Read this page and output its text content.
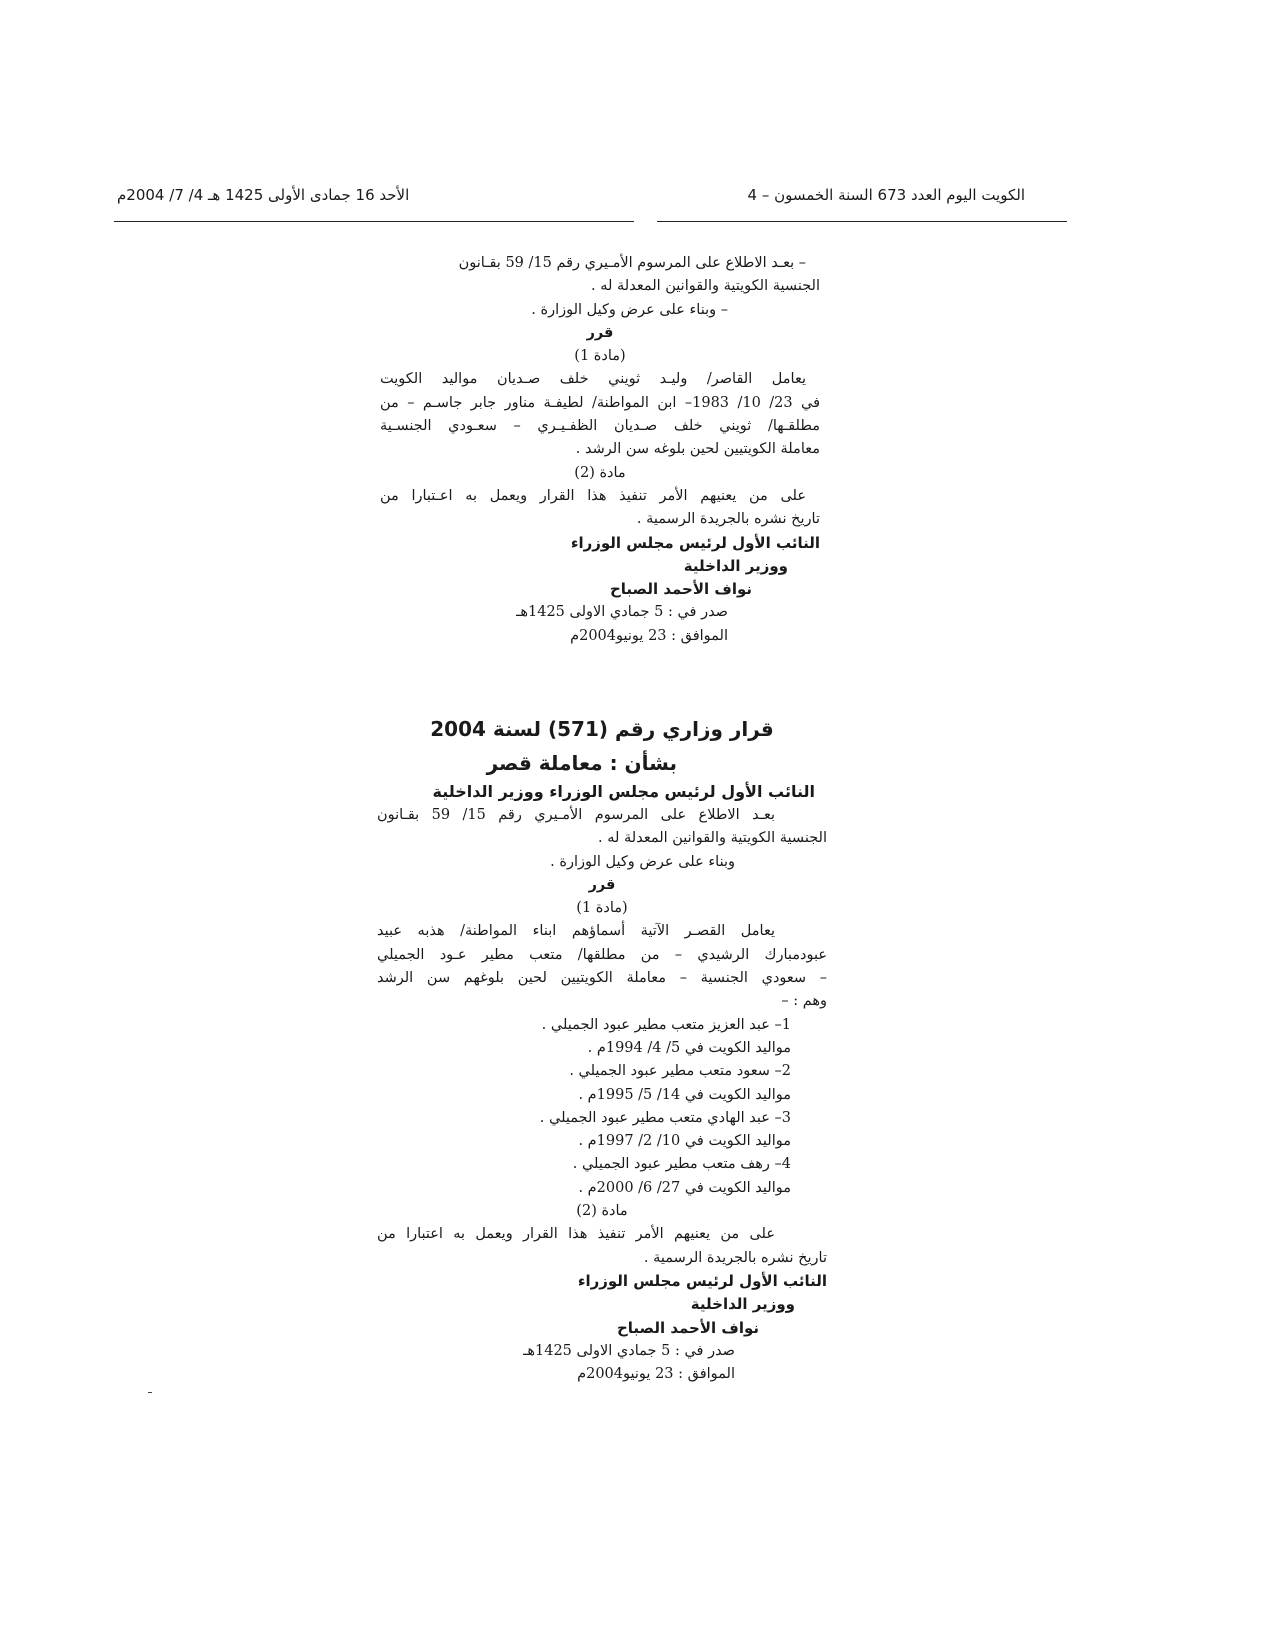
الكويت اليوم العدد 673 السنة الخمسون – 4
الأحد 16 جمادى الأولى 1425 هـ 4/ 7/ 2004م
– بعـد الاطلاع على المرسوم الأمـيري رقم 15/ 59 بقـانون
الجنسية الكويتية والقوانين المعدلة له .
– وبناء على عرض وكيل الوزارة .
قرر
(مادة 1)
يعامل القاصر/ وليـد ثويني خلف صـديان مواليد الكويت
في 23/ 10/ 1983– ابن المواطنة/ لطيفـة مناور جابر جاسـم – من
مطلقـها/ ثويني خلف صـديان الظفـيـري – سعـودي الجنسـية
معاملة الكويتيين لحين بلوغه سن الرشد .
مادة (2)
على من يعنيهم الأمر تنفيذ هذا القرار ويعمل به اعـتبارا من
تاريخ نشره بالجريدة الرسمية .
النائب الأول لرئيس مجلس الوزراء
ووزير الداخلية
نواف الأحمد الصباح
صدر في : 5 جمادي الاولى 1425هـ
الموافق : 23 يونيو2004م
قرار وزاري رقم (571) لسنة 2004
بشأن : معاملة قصر
النائب الأول لرئيس مجلس الوزراء ووزير الداخلية
بعـد الاطلاع على المرسوم الأمـيري رقم 15/ 59 بقـانون
الجنسية الكويتية والقوانين المعدلة له .
وبناء على عرض وكيل الوزارة .
قرر
(مادة 1)
يعامل القصـر الآتية أسماؤهم ابناء المواطنة/ هذبه عبيد
عبودمبارك الرشيدي – من مطلقها/ متعب مطير عـود الجميلي
– سعودي الجنسية – معاملة الكويتيين لحين بلوغهم سن الرشد
وهم : –
1– عبد العزيز متعب مطير عبود الجميلي .
مواليد الكويت في 5/ 4/ 1994م .
2– سعود متعب مطير عبود الجميلي .
مواليد الكويت في 14/ 5/ 1995م .
3– عبد الهادي متعب مطير عبود الجميلي .
مواليد الكويت في 10/ 2/ 1997م .
4– رهف متعب مطير عبود الجميلي .
مواليد الكويت في 27/ 6/ 2000م .
مادة (2)
على من يعنيهم الأمر تنفيذ هذا القرار ويعمل به اعتبارا من
تاريخ نشره بالجريدة الرسمية .
النائب الأول لرئيس مجلس الوزراء
ووزير الداخلية
نواف الأحمد الصباح
صدر في : 5 جمادي الاولى 1425هـ
الموافق : 23 يونيو2004م
